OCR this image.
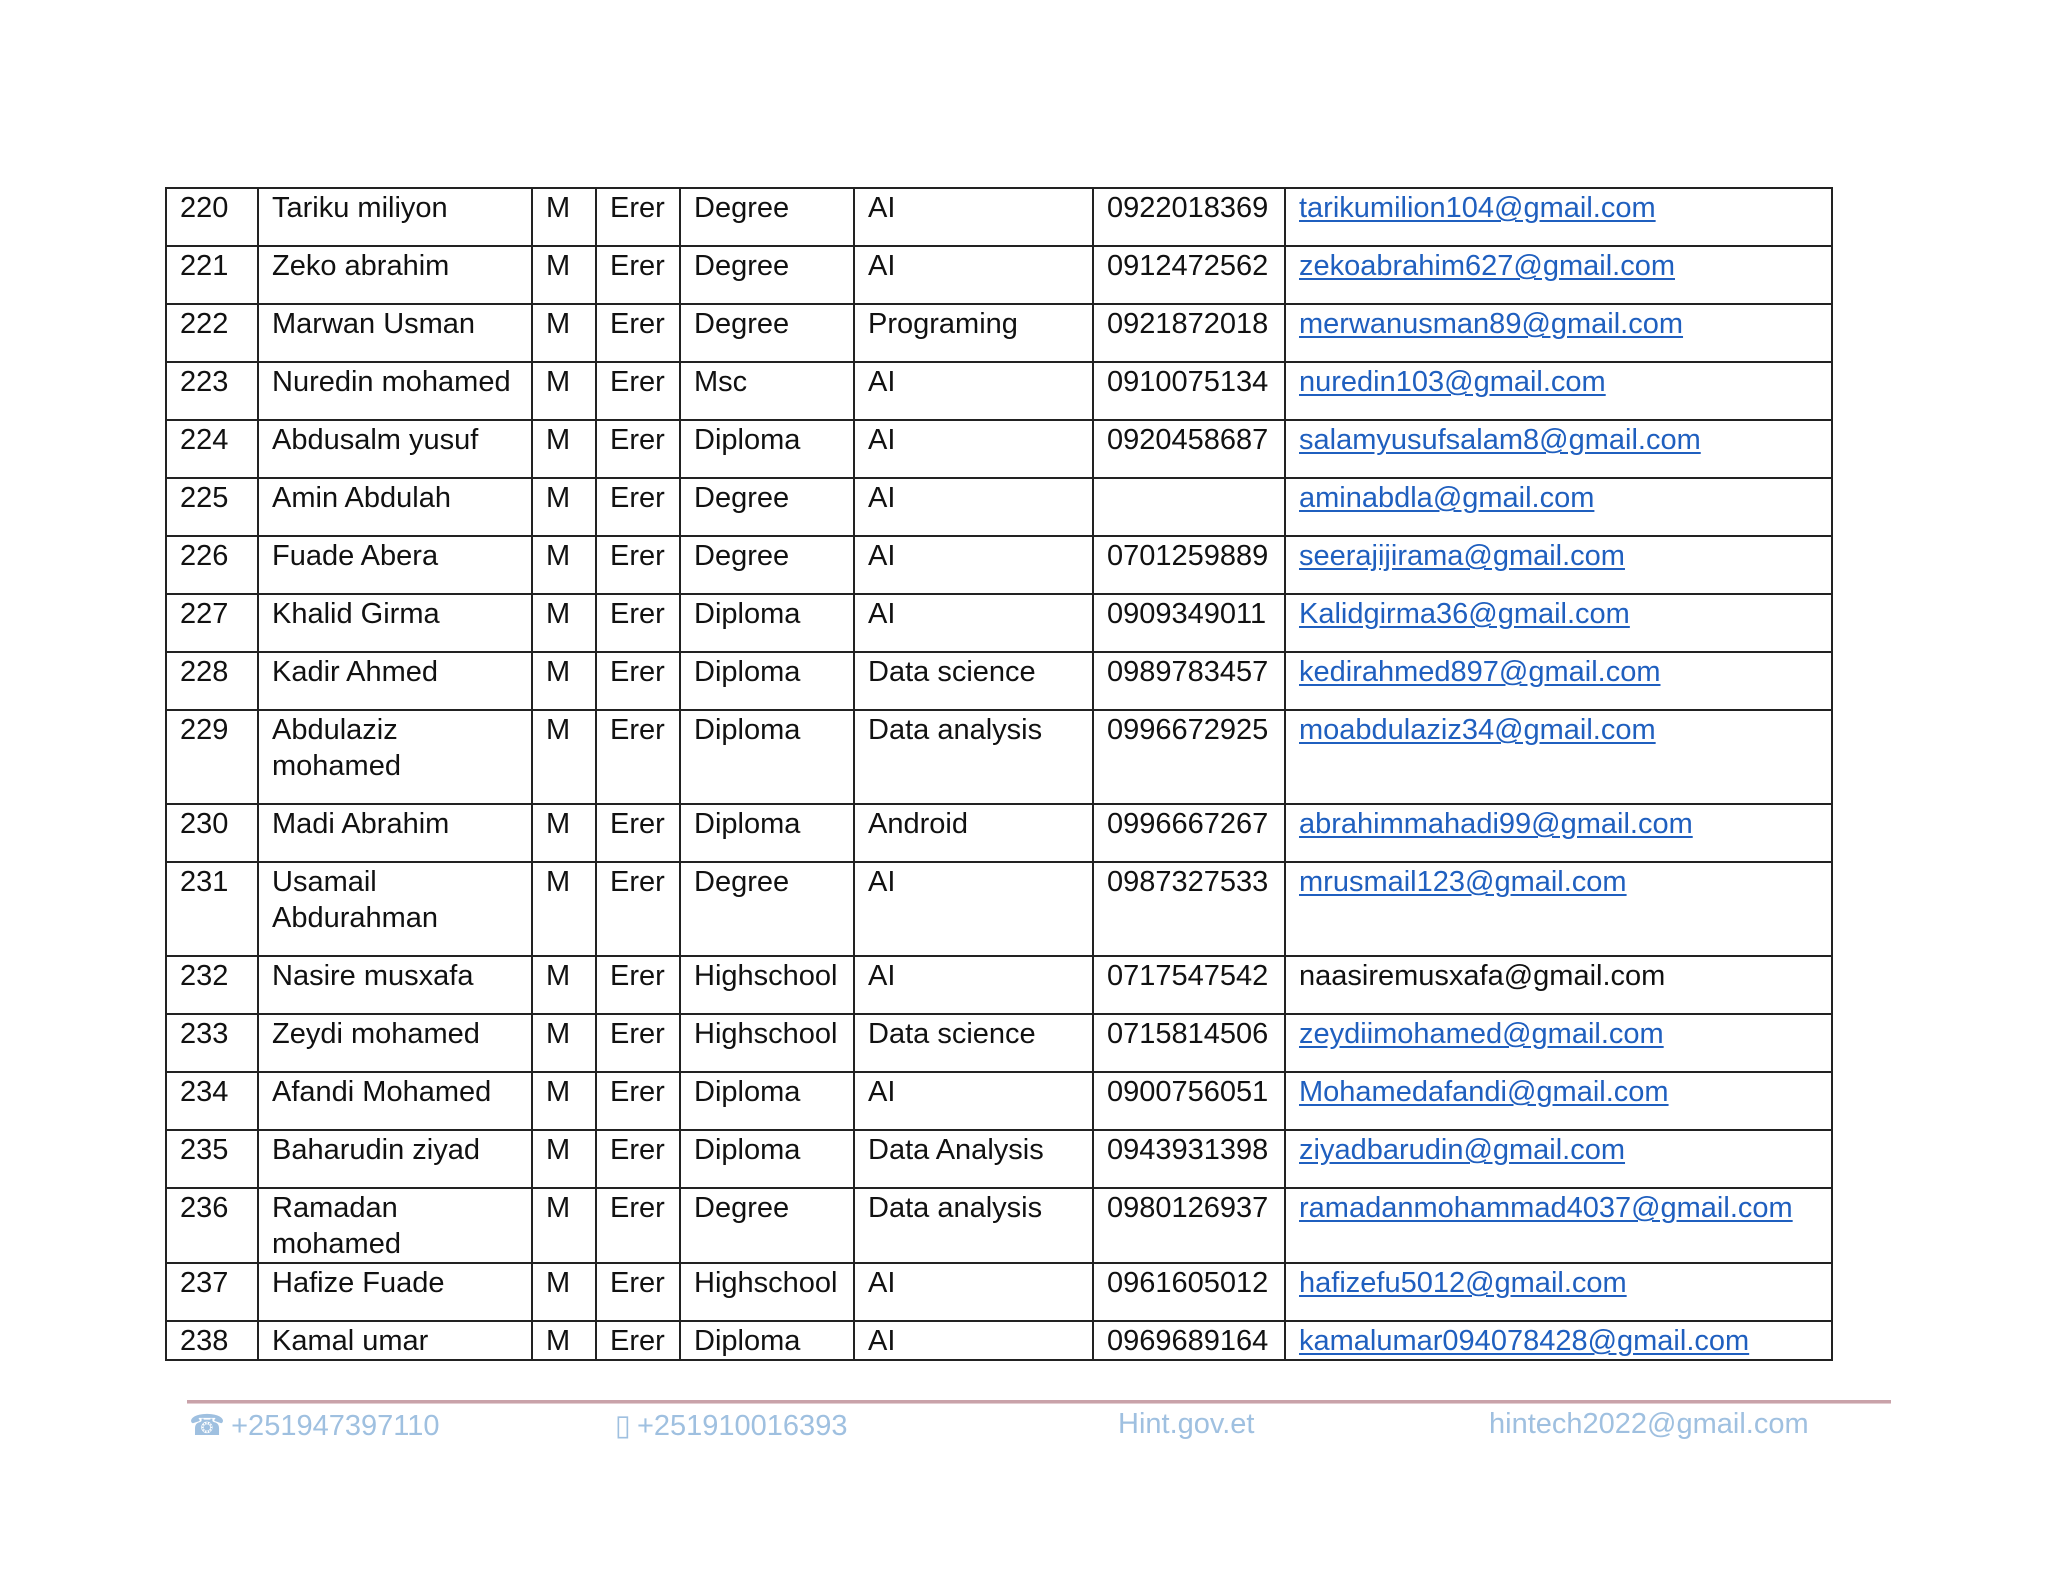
220	Tariku miliyon	M	Erer	Degree	AI	0922018369	tarikumilion104@gmail.com
221	Zeko abrahim	M	Erer	Degree	AI	0912472562	zekoabrahim627@gmail.com
222	Marwan Usman	M	Erer	Degree	Programing	0921872018	merwanusman89@gmail.com
223	Nuredin mohamed	M	Erer	Msc	AI	0910075134	nuredin103@gmail.com
224	Abdusalm yusuf	M	Erer	Diploma	AI	0920458687	salamyusufsalam8@gmail.com
225	Amin Abdulah	M	Erer	Degree	AI		aminabdla@gmail.com
226	Fuade Abera	M	Erer	Degree	AI	0701259889	seerajijirama@gmail.com
227	Khalid Girma	M	Erer	Diploma	AI	0909349011	Kalidgirma36@gmail.com
228	Kadir Ahmed	M	Erer	Diploma	Data science	0989783457	kedirahmed897@gmail.com
229	Abdulaziz mohamed	M	Erer	Diploma	Data analysis	0996672925	moabdulaziz34@gmail.com
230	Madi Abrahim	M	Erer	Diploma	Android	0996667267	abrahimmahadi99@gmail.com
231	Usamail Abdurahman	M	Erer	Degree	AI	0987327533	mrusmail123@gmail.com
232	Nasire musxafa	M	Erer	Highschool	AI	0717547542	naasiremusxafa@gmail.com
233	Zeydi mohamed	M	Erer	Highschool	Data science	0715814506	zeydiimohamed@gmail.com
234	Afandi Mohamed	M	Erer	Diploma	AI	0900756051	Mohamedafandi@gmail.com
235	Baharudin ziyad	M	Erer	Diploma	Data Analysis	0943931398	ziyadbarudin@gmail.com
236	Ramadan mohamed	M	Erer	Degree	Data analysis	0980126937	ramadanmohammad4037@gmail.com
237	Hafize Fuade	M	Erer	Highschool	AI	0961605012	hafizefu5012@gmail.com
238	Kamal umar	M	Erer	Diploma	AI	0969689164	kamalumar094078428@gmail.com
☎ +251947397110	▯ +251910016393	Hint.gov.et	hintech2022@gmail.com
